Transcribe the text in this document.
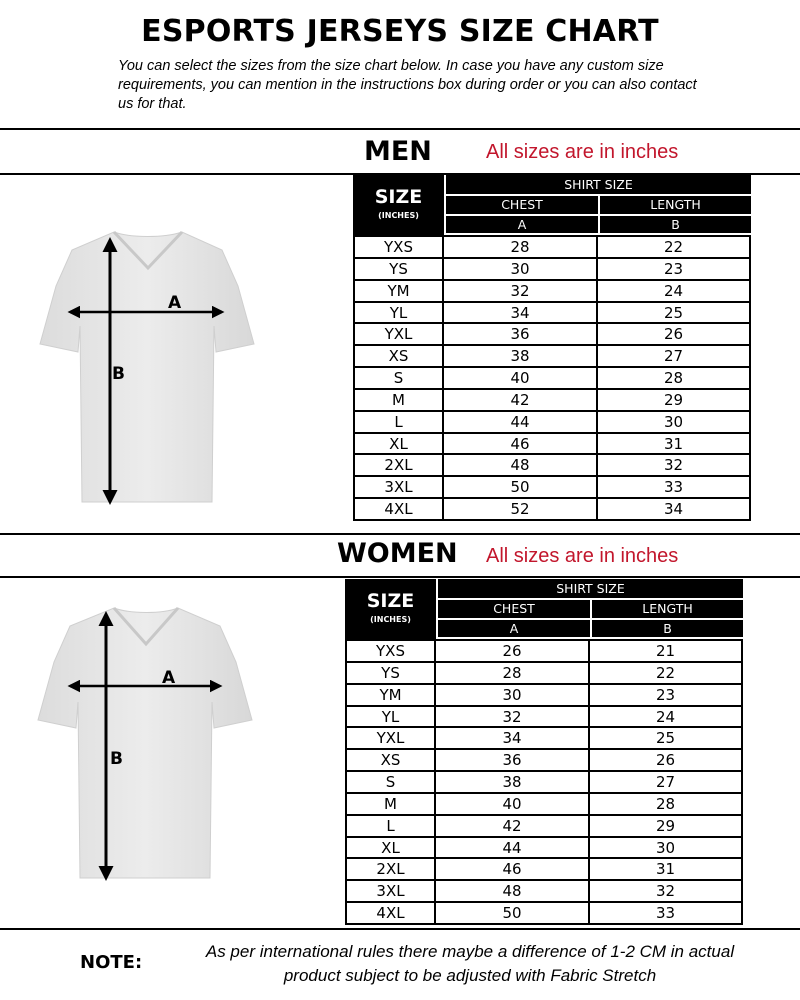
ESPORTS JERSEYS SIZE CHART

You can select the sizes from the size chart below. In case you have any custom size requirements, you can mention in the instructions box during order or you can also contact us for that.

MEN	All sizes are in inches
A
B
SIZE
(INCHES)
SHIRT SIZE
CHEST	LENGTH
A	B
YXS	28	22
YS	30	23
YM	32	24
YL	34	25
YXL	36	26
XS	38	27
S	40	28
M	42	29
L	44	30
XL	46	31
2XL	48	32
3XL	50	33
4XL	52	34
WOMEN All sizes are in inches
A
B
SIZE
(INCHES)
SHIRT SIZE
CHEST	LENGTH
A	B
YXS	26	21
YS	28	22
YM	30	23
YL	32	24
YXL	34	25
XS	36	26
S	38	27
M	40	28
L	42	29
XL	44	30
2XL	46	31
3XL	48	32
4XL	50	33
NOTE:
As per international rules there maybe a difference of 1-2 CM in actual product subject to be adjusted with Fabric Stretch
